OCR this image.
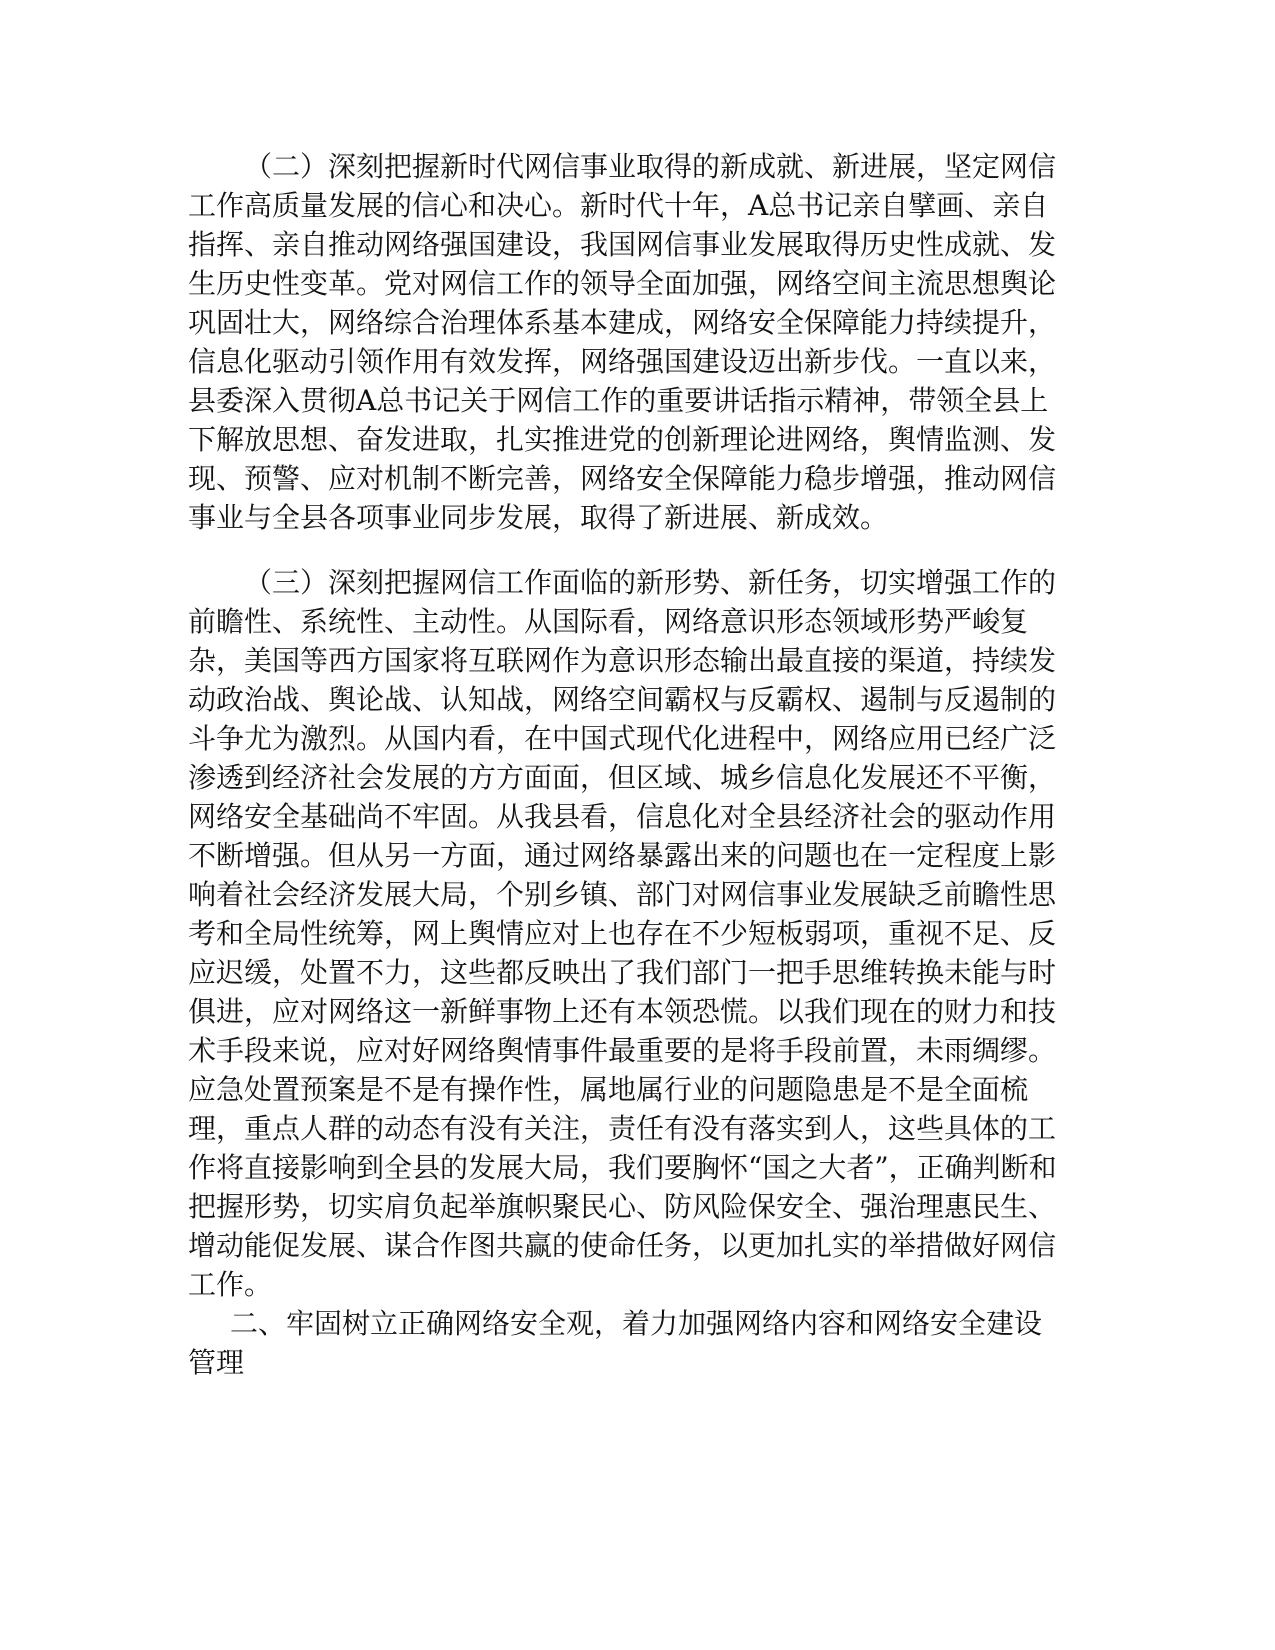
（二）深刻把握新时代网信事业取得的新成就、新进展，坚定网信工作高质量发展的信心和决心。新时代十年，A总书记亲自擘画、亲自指挥、亲自推动网络强国建设，我国网信事业发展取得历史性成就、发生历史性变革。党对网信工作的领导全面加强，网络空间主流思想舆论巩固壮大，网络综合治理体系基本建成，网络安全保障能力持续提升，信息化驱动引领作用有效发挥，网络强国建设迈出新步伐。一直以来，县委深入贯彻A总书记关于网信工作的重要讲话指示精神，带领全县上下解放思想、奋发进取，扎实推进党的创新理论进网络，舆情监测、发现、预警、应对机制不断完善，网络安全保障能力稳步增强，推动网信事业与全县各项事业同步发展，取得了新进展、新成效。

（三）深刻把握网信工作面临的新形势、新任务，切实增强工作的前瞻性、系统性、主动性。从国际看，网络意识形态领域形势严峻复杂，美国等西方国家将互联网作为意识形态输出最直接的渠道，持续发动政治战、舆论战、认知战，网络空间霸权与反霸权、遏制与反遏制的斗争尤为激烈。从国内看，在中国式现代化进程中，网络应用已经广泛渗透到经济社会发展的方方面面，但区域、城乡信息化发展还不平衡，网络安全基础尚不牢固。从我县看，信息化对全县经济社会的驱动作用不断增强。但从另一方面，通过网络暴露出来的问题也在一定程度上影响着社会经济发展大局，个别乡镇、部门对网信事业发展缺乏前瞻性思考和全局性统筹，网上舆情应对上也存在不少短板弱项，重视不足、反应迟缓，处置不力，这些都反映出了我们部门一把手思维转换未能与时俱进，应对网络这一新鲜事物上还有本领恐慌。以我们现在的财力和技术手段来说，应对好网络舆情事件最重要的是将手段前置，未雨绸缪。应急处置预案是不是有操作性，属地属行业的问题隐患是不是全面梳理，重点人群的动态有没有关注，责任有没有落实到人，这些具体的工作将直接影响到全县的发展大局，我们要胸怀“国之大者”，正确判断和把握形势，切实肩负起举旗帜聚民心、防风险保安全、强治理惠民生、增动能促发展、谋合作图共赢的使命任务，以更加扎实的举措做好网信工作。

二、牢固树立正确网络安全观，着力加强网络内容和网络安全建设管理
